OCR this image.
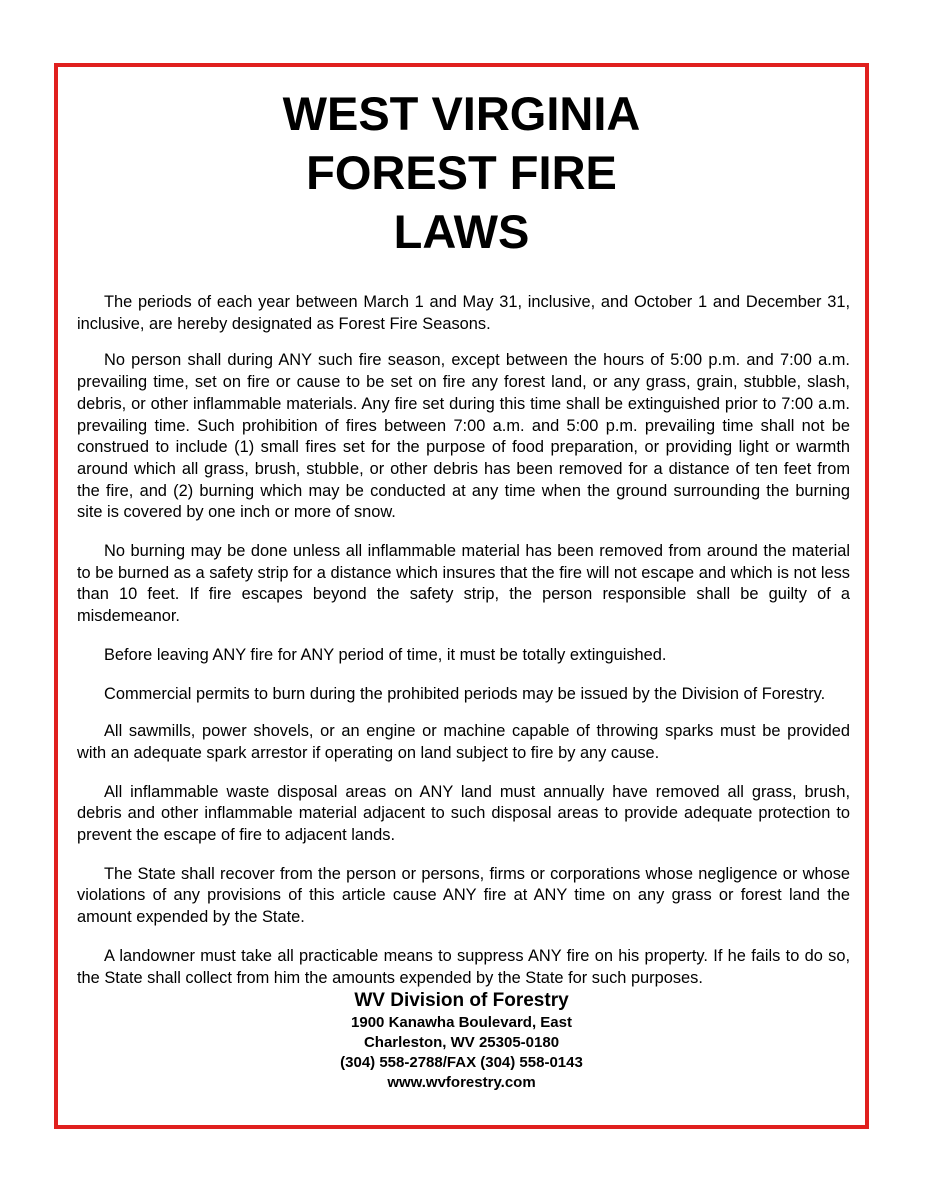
WEST VIRGINIA
FOREST FIRE
LAWS

The periods of each year between March 1 and May 31, inclusive, and October 1 and December 31, inclusive, are hereby designated as Forest Fire Seasons.

No person shall during ANY such fire season, except between the hours of 5:00 p.m. and 7:00 a.m. prevailing time, set on fire or cause to be set on fire any forest land, or any grass, grain, stubble, slash, debris, or other inflammable materials. Any fire set during this time shall be extinguished prior to 7:00 a.m. prevailing time. Such prohibition of fires between 7:00 a.m. and 5:00 p.m. prevailing time shall not be construed to include (1) small fires set for the purpose of food preparation, or providing light or warmth around which all grass, brush, stubble, or other debris has been removed for a distance of ten feet from the fire, and (2) burning which may be conducted at any time when the ground surrounding the burning site is covered by one inch or more of snow.

No burning may be done unless all inflammable material has been removed from around the material to be burned as a safety strip for a distance which insures that the fire will not escape and which is not less than 10 feet. If fire escapes beyond the safety strip, the person responsible shall be guilty of a misdemeanor.

Before leaving ANY fire for ANY period of time, it must be totally extinguished.

Commercial permits to burn during the prohibited periods may be issued by the Division of Forestry.

All sawmills, power shovels, or an engine or machine capable of throwing sparks must be provided with an adequate spark arrestor if operating on land subject to fire by any cause.

All inflammable waste disposal areas on ANY land must annually have removed all grass, brush, debris and other inflammable material adjacent to such disposal areas to provide adequate protection to prevent the escape of fire to adjacent lands.

The State shall recover from the person or persons, firms or corporations whose negligence or whose violations of any provisions of this article cause ANY fire at ANY time on any grass or forest land the amount expended by the State.

A landowner must take all practicable means to suppress ANY fire on his property. If he fails to do so, the State shall collect from him the amounts expended by the State for such purposes.

WV Division of Forestry
1900 Kanawha Boulevard, East
Charleston, WV 25305-0180
(304) 558-2788/FAX (304) 558-0143
www.wvforestry.com
